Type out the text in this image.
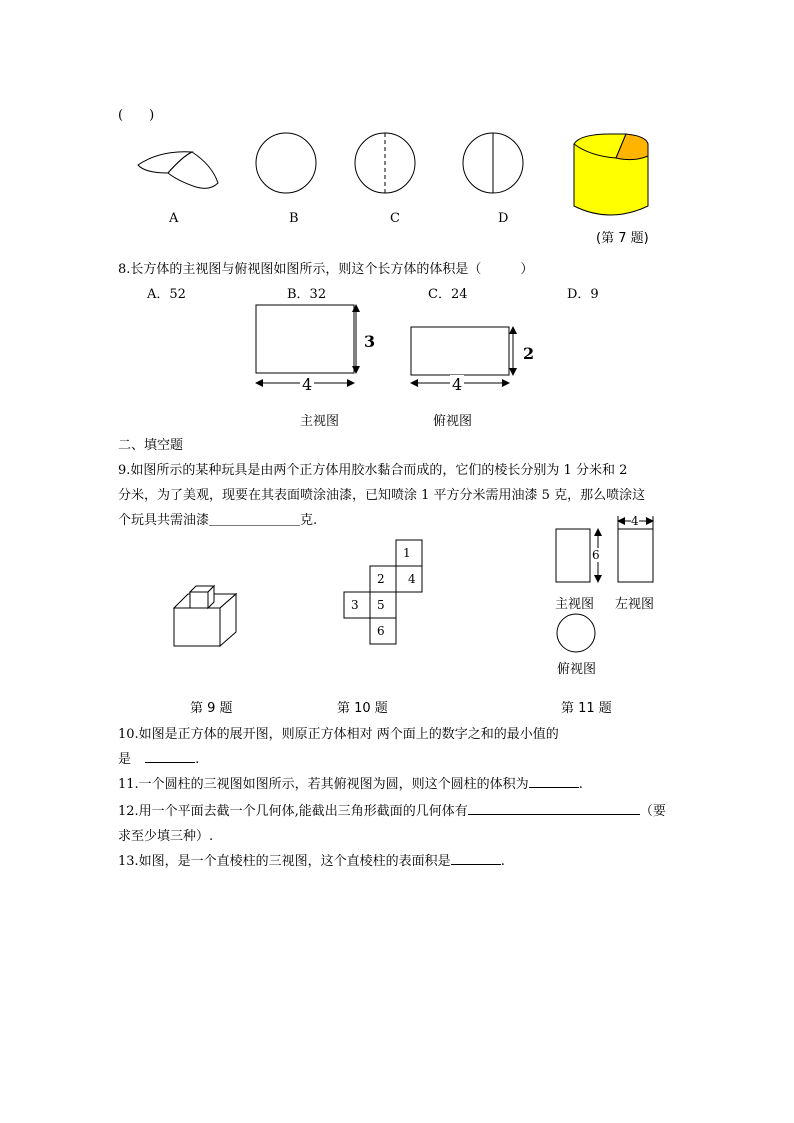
(　　)
A	B	C	D
(第 7 题)
8.长方体的主视图与俯视图如图所示，则这个长方体的体积是（　　　）
A．52	B．32	C．24	D．9
3
4
主视图
2
4
俯视图
二、填空题
9.如图所示的某种玩具是由两个正方体用胶水黏合而成的，它们的棱长分别为 1 分米和 2
分米，为了美观，现要在其表面喷涂油漆，已知喷涂 1 平方分米需用油漆 5 克，那么喷涂这
个玩具共需油漆＿＿＿＿＿＿＿克.
第 9 题
1
2 4
3 5
6
第 10 题
6
4
主视图 左视图
俯视图
第 11 题
10.如图是正方体的展开图，则原正方体相对 两个面上的数字之和的最小值的
是	.
11.一个圆柱的三视图如图所示，若其俯视图为圆，则这个圆柱的体积为	.
12.用一个平面去截一个几何体,能截出三角形截面的几何体有	（要
求至少填三种）.
13.如图，是一个直棱柱的三视图，这个直棱柱的表面积是	.
